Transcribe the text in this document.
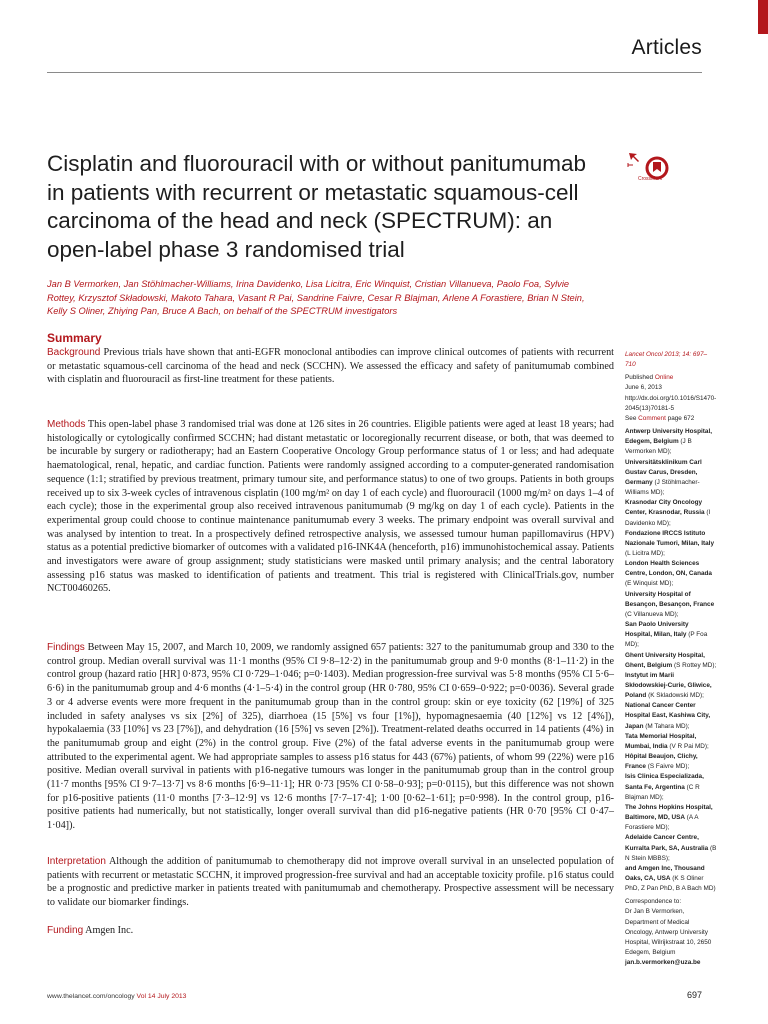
Articles
Cisplatin and fluorouracil with or without panitumumab in patients with recurrent or metastatic squamous-cell carcinoma of the head and neck (SPECTRUM): an open-label phase 3 randomised trial
CrossMark

Jan B Vermorken, Jan Stöhlmacher-Williams, Irina Davidenko, Lisa Licitra, Eric Winquist, Cristian Villanueva, Paolo Foa, Sylvie Rottey, Krzysztof Składowski, Makoto Tahara, Vasant R Pai, Sandrine Faivre, Cesar R Blajman, Arlene A Forastiere, Brian N Stein, Kelly S Oliner, Zhiying Pan, Bruce A Bach, on behalf of the SPECTRUM investigators

Summary

Background Previous trials have shown that anti-EGFR monoclonal antibodies can improve clinical outcomes of patients with recurrent or metastatic squamous-cell carcinoma of the head and neck (SCCHN). We assessed the efficacy and safety of panitumumab combined with cisplatin and fluorouracil as first-line treatment for these patients.

Methods This open-label phase 3 randomised trial was done at 126 sites in 26 countries. Eligible patients were aged at least 18 years; had histologically or cytologically confirmed SCCHN; had distant metastatic or locoregionally recurrent disease, or both, that was deemed to be incurable by surgery or radiotherapy; had an Eastern Cooperative Oncology Group performance status of 1 or less; and had adequate haematological, renal, hepatic, and cardiac function. Patients were randomly assigned according to a computer-generated randomisation sequence (1:1; stratified by previous treatment, primary tumour site, and performance status) to one of two groups. Patients in both groups received up to six 3-week cycles of intravenous cisplatin (100 mg/m² on day 1 of each cycle) and fluorouracil (1000 mg/m² on days 1–4 of each cycle); those in the experimental group also received intravenous panitumumab (9 mg/kg on day 1 of each cycle). Patients in the experimental group could choose to continue maintenance panitumumab every 3 weeks. The primary endpoint was overall survival and was analysed by intention to treat. In a prospectively defined retrospective analysis, we assessed tumour human papillomavirus (HPV) status as a potential predictive biomarker of outcomes with a validated p16-INK4A (henceforth, p16) immunohistochemical assay. Patients and investigators were aware of group assignment; study statisticians were masked until primary analysis; and the central laboratory assessing p16 status was masked to identification of patients and treatment. This trial is registered with ClinicalTrials.gov, number NCT00460265.

Findings Between May 15, 2007, and March 10, 2009, we randomly assigned 657 patients: 327 to the panitumumab group and 330 to the control group. Median overall survival was 11·1 months (95% CI 9·8–12·2) in the panitumumab group and 9·0 months (8·1–11·2) in the control group (hazard ratio [HR] 0·873, 95% CI 0·729–1·046; p=0·1403). Median progression-free survival was 5·8 months (95% CI 5·6–6·6) in the panitumumab group and 4·6 months (4·1–5·4) in the control group (HR 0·780, 95% CI 0·659–0·922; p=0·0036). Several grade 3 or 4 adverse events were more frequent in the panitumumab group than in the control group: skin or eye toxicity (62 [19%] of 325 included in safety analyses vs six [2%] of 325), diarrhoea (15 [5%] vs four [1%]), hypomagnesaemia (40 [12%] vs 12 [4%]), hypokalaemia (33 [10%] vs 23 [7%]), and dehydration (16 [5%] vs seven [2%]). Treatment-related deaths occurred in 14 patients (4%) in the panitumumab group and eight (2%) in the control group. Five (2%) of the fatal adverse events in the panitumumab group were attributed to the experimental agent. We had appropriate samples to assess p16 status for 443 (67%) patients, of whom 99 (22%) were p16 positive. Median overall survival in patients with p16-negative tumours was longer in the panitumumab group than in the control group (11·7 months [95% CI 9·7–13·7] vs 8·6 months [6·9–11·1]; HR 0·73 [95% CI 0·58–0·93]; p=0·0115), but this difference was not shown for p16-positive patients (11·0 months [7·3–12·9] vs 12·6 months [7·7–17·4]; 1·00 [0·62–1·61]; p=0·998). In the control group, p16-positive patients had numerically, but not statistically, longer overall survival than did p16-negative patients (HR 0·70 [95% CI 0·47–1·04]).

Interpretation Although the addition of panitumumab to chemotherapy did not improve overall survival in an unselected population of patients with recurrent or metastatic SCCHN, it improved progression-free survival and had an acceptable toxicity profile. p16 status could be a prognostic and predictive marker in patients treated with panitumumab and chemotherapy. Prospective assessment will be necessary to validate our biomarker findings.

Funding Amgen Inc.

Lancet Oncol 2013; 14: 697–710
Published Online
June 6, 2013
http://dx.doi.org/10.1016/S1470-2045(13)70181-5
See Comment page 672
Antwerp University Hospital, Edegem, Belgium (J B Vermorken MD);
Universitätsklinikum Carl Gustav Carus, Dresden, Germany (J Stöhlmacher-Williams MD);
Krasnodar City Oncology Center, Krasnodar, Russia (I Davidenko MD);
Fondazione IRCCS Istituto Nazionale Tumori, Milan, Italy (L Licitra MD);
London Health Sciences Centre, London, ON, Canada (E Winquist MD);
University Hospital of Besançon, Besançon, France (C Villanueva MD);
San Paolo University Hospital, Milan, Italy (P Foa MD);
Ghent University Hospital, Ghent, Belgium (S Rottey MD);
Instytut im Marii Skłodowskiej-Curie, Gliwice, Poland (K Skladowski MD);
National Cancer Center Hospital East, Kashiwa City, Japan (M Tahara MD);
Tata Memorial Hospital, Mumbai, India (V R Pai MD);
Hôpital Beaujon, Clichy, France (S Faivre MD);
Isis Clinica Especializada, Santa Fe, Argentina (C R Blajman MD);
The Johns Hopkins Hospital, Baltimore, MD, USA (A A Forastiere MD);
Adelaide Cancer Centre, Kurralta Park, SA, Australia (B N Stein MBBS);
and Amgen Inc, Thousand Oaks, CA, USA (K S Oliner PhD, Z Pan PhD, B A Bach MD)
Correspondence to:
Dr Jan B Vermorken, Department of Medical Oncology, Antwerp University Hospital, Wilrijkstraat 10, 2650 Edegem, Belgium
jan.b.vermorken@uza.be
www.thelancet.com/oncology Vol 14 July 2013	697
